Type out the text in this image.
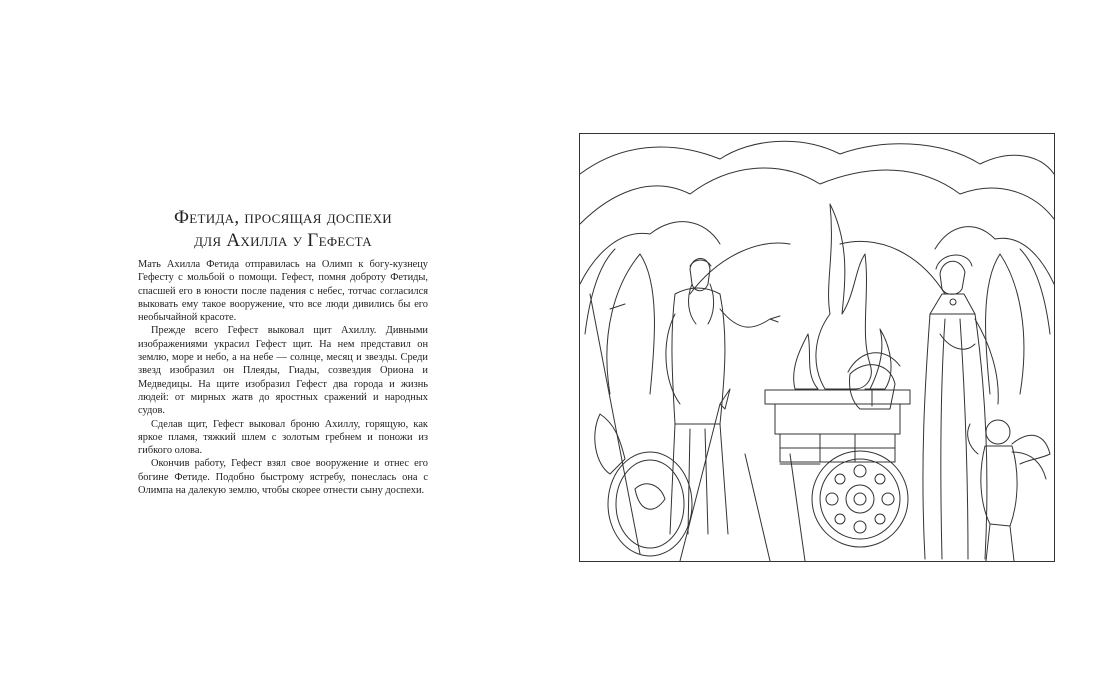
Фетида, просящая доспехи
для Ахилла у Гефеста

Мать Ахилла Фетида отправилась на Олимп к богу-кузнецу Гефесту с мольбой о помощи. Гефест, помня доброту Фетиды, спасшей его в юности после падения с небес, тотчас согласился выковать ему такое вооружение, что все люди дивились бы его необычайной красоте.

Прежде всего Гефест выковал щит Ахиллу. Дивными изображениями украсил Гефест щит. На нем представил он землю, море и небо, а на небе — солнце, месяц и звезды. Среди звезд изобразил он Плеяды, Гиады, созвездия Ориона и Медведицы. На щите изобразил Гефест два города и жизнь людей: от мирных жатв до яростных сражений и народных судов.

Сделав щит, Гефест выковал броню Ахиллу, горящую, как яркое пламя, тяжкий шлем с золотым гребнем и поножи из гибкого олова.

Окончив работу, Гефест взял свое вооружение и отнес его богине Фетиде. Подобно быстрому ястребу, понеслась она с Олимпа на далекую землю, чтобы скорее отнести сыну доспехи.
